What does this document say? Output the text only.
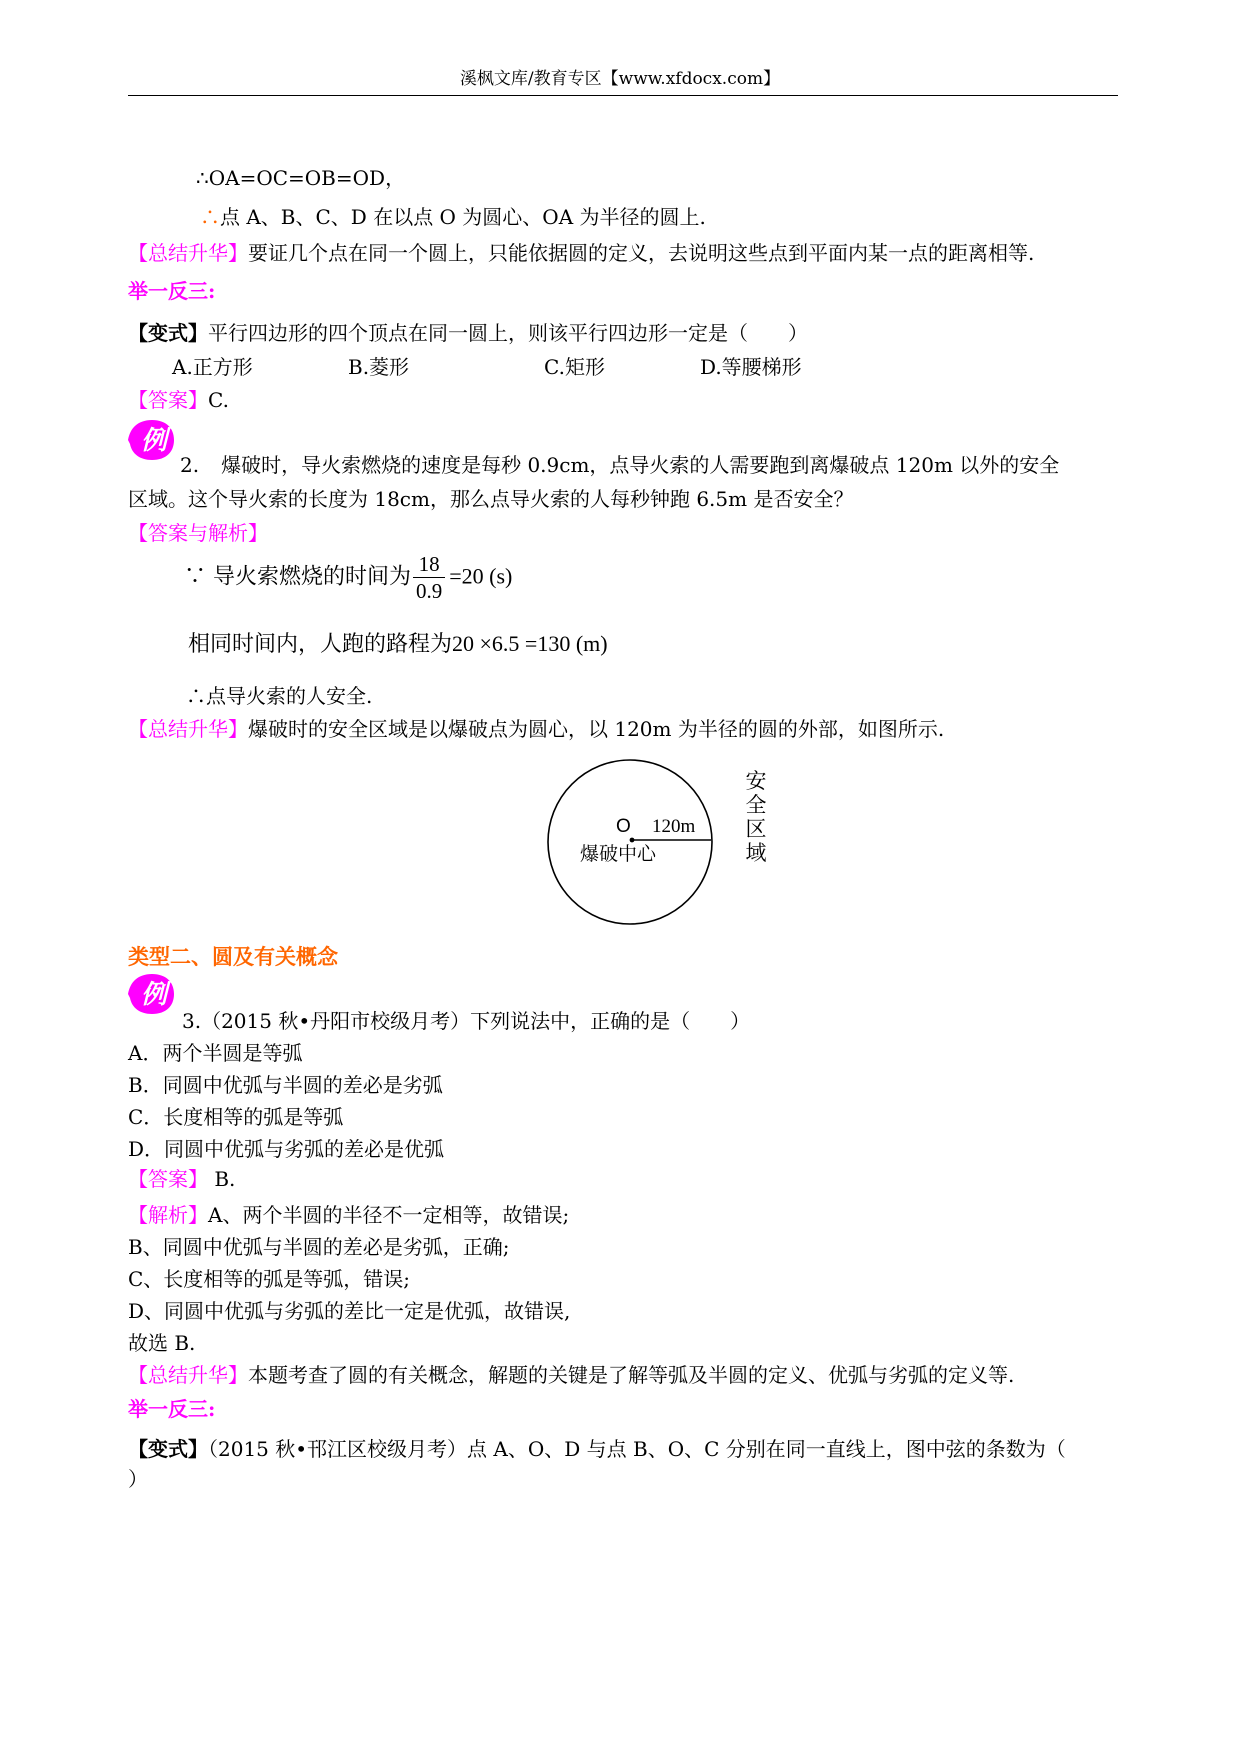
溪枫文库/教育专区【www.xfdocx.com】
∴OA=OC=OB=OD，
∴点 A、B、C、D 在以点 O 为圆心、OA 为半径的圆上.
【总结升华】要证几个点在同一个圆上，只能依据圆的定义，去说明这些点到平面内某一点的距离相等.
举一反三:
【变式】平行四边形的四个顶点在同一圆上，则该平行四边形一定是（　　）
A.正方形	B.菱形	C.矩形	D.等腰梯形
【答案】C.
例
2. 爆破时，导火索燃烧的速度是每秒 0.9cm，点导火索的人需要跑到离爆破点 120m 以外的安全
区域。这个导火索的长度为 18cm，那么点导火索的人每秒钟跑 6.5m 是否安全？
【答案与解析】
∵ 导火索燃烧的时间为 $\frac{18}{0.9} =20$ (s)
相同时间内，人跑的路程为20 ×6.5 =130 (m)
∴点导火索的人安全.
【总结升华】爆破时的安全区域是以爆破点为圆心，以 120m 为半径的圆的外部，如图所示.
O 120m
爆破中心
安
全
区
域
类型二、圆及有关概念
例
3.（2015 秋•丹阳市校级月考）下列说法中，正确的是（　　）
A．两个半圆是等弧
B．同圆中优弧与半圆的差必是劣弧
C．长度相等的弧是等弧
D．同圆中优弧与劣弧的差必是优弧
【答案】 B.
【解析】A、两个半圆的半径不一定相等，故错误;
B、同圆中优弧与半圆的差必是劣弧，正确;
C、长度相等的弧是等弧，错误;
D、同圆中优弧与劣弧的差比一定是优弧，故错误,
故选 B.
【总结升华】本题考查了圆的有关概念，解题的关键是了解等弧及半圆的定义、优弧与劣弧的定义等.
举一反三:
【变式】（2015 秋•邗江区校级月考）点 A、O、D 与点 B、O、C 分别在同一直线上，图中弦的条数为（
）
